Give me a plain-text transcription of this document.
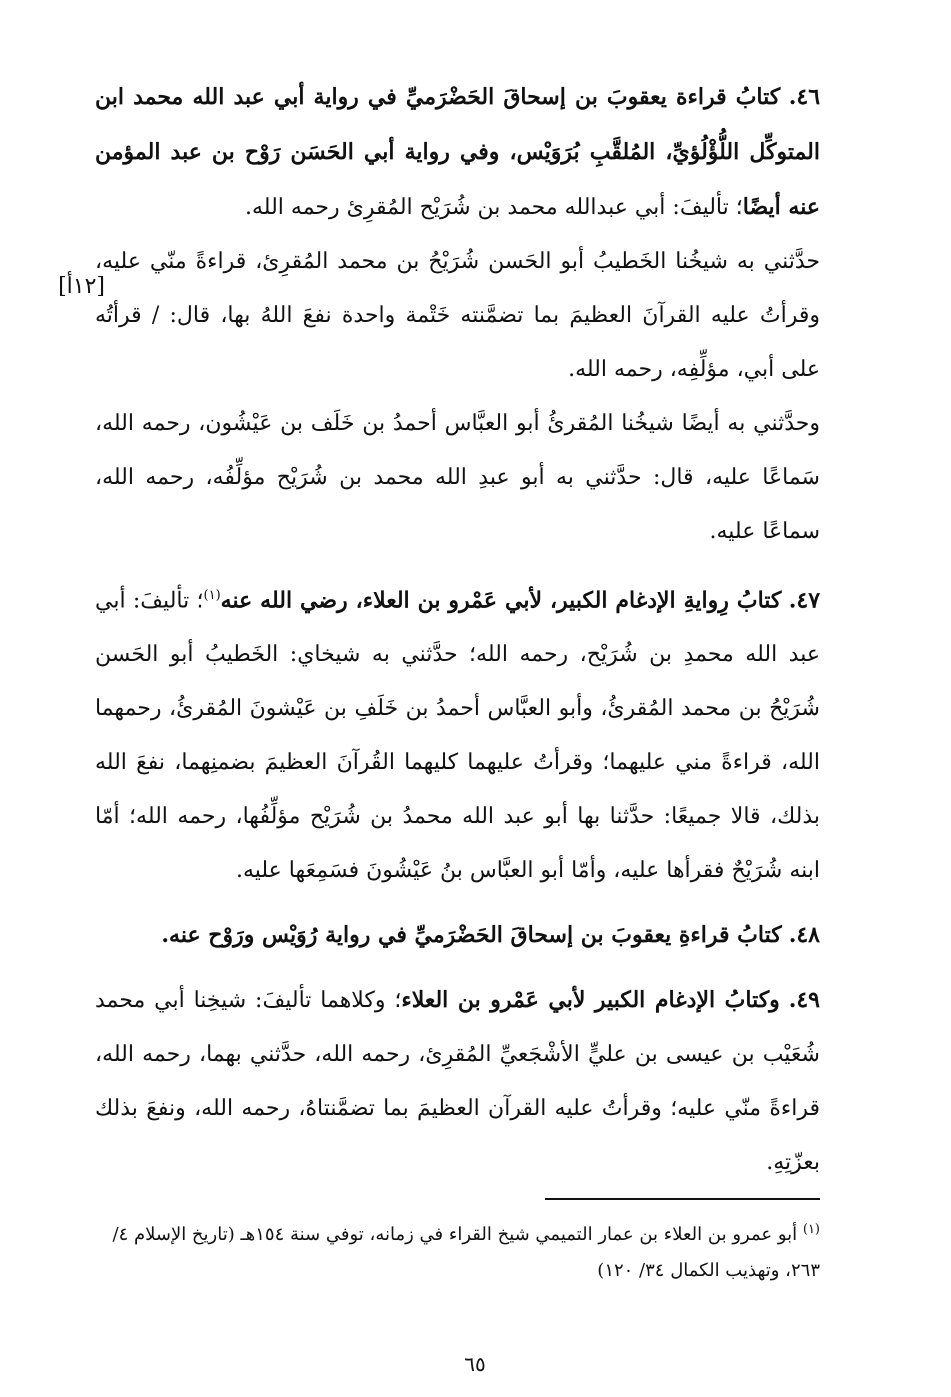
٤٦. كتابُ قراءة يعقوبَ بن إسحاقَ الحَضْرَميِّ في رواية أبي عبد الله محمد ابن المتوكِّل اللُّؤْلُؤيِّ، المُلقَّبِ بُرَوَيْس، وفي رواية أبي الحَسَن رَوْح بن عبد المؤمن عنه أيضًا؛ تأليفَ: أبي عبدالله محمد بن شُرَيْح المُقرِئ رحمه الله.

حدَّثني به شيخُنا الخَطيبُ أبو الحَسن شُرَيْحُ بن محمد المُقرِئ، قراءةً منّي عليه، وقرأتُ عليه القرآنَ العظيمَ بما تضمَّنته خَتْمة واحدة نفعَ اللهُ بها، قال: / قرأتُه على أبي، مؤلِّفِه، رحمه الله.

وحدَّثني به أيضًا شيخُنا المُقرئُ أبو العبَّاس أحمدُ بن خَلَف بن عَيْشُون، رحمه الله، سَماعًا عليه، قال: حدَّثني به أبو عبدِ الله محمد بن شُرَيْح مؤلِّفُه، رحمه الله، سماعًا عليه.

٤٧. كتابُ رِوايةِ الإدغام الكبير، لأبي عَمْرو بن العلاء، رضي الله عنه$^{(١)}$؛ تأليفَ: أبي عبد الله محمدِ بن شُرَيْح، رحمه الله؛ حدَّثني به شيخاي: الخَطيبُ أبو الحَسن شُرَيْحُ بن محمد المُقرئُ، وأبو العبَّاس أحمدُ بن خَلَفِ بن عَيْشونَ المُقرئُ، رحمهما الله، قراءةً مني عليهما؛ وقرأتُ عليهما كليهما القُرآنَ العظيمَ بضمنِهما، نفعَ الله بذلك، قالا جميعًا: حدَّثنا بها أبو عبد الله محمدُ بن شُرَيْح مؤلِّفُها، رحمه الله؛ أمّا ابنه شُرَيْحٌ فقرأها عليه، وأمّا أبو العبَّاس بنُ عَيْشُونَ فسَمِعَها عليه.

٤٨. كتابُ قراءةِ يعقوبَ بن إسحاقَ الحَضْرَميِّ في رواية رُوَيْس ورَوْح عنه.

٤٩. وكتابُ الإدغام الكبير لأبي عَمْرو بن العلاء؛ وكلاهما تأليفَ: شيخِنا أبي محمد شُعَيْب بن عيسى بن عليٍّ الأشْجَعيِّ المُقرِئ، رحمه الله، حدَّثني بهما، رحمه الله، قراءةً منّي عليه؛ وقرأتُ عليه القرآن العظيمَ بما تضمَّنتاهُ، رحمه الله، ونفعَ بذلك بعزّتِهِ.

[١٢أ]
$^{(١)}$ أبو عمرو بن العلاء بن عمار التميمي شيخ القراء في زمانه، توفي سنة ١٥٤هـ (تاريخ الإسلام ٤/ ٢٦٣، وتهذيب الكمال ٣٤/ ١٢٠)
٦٥
